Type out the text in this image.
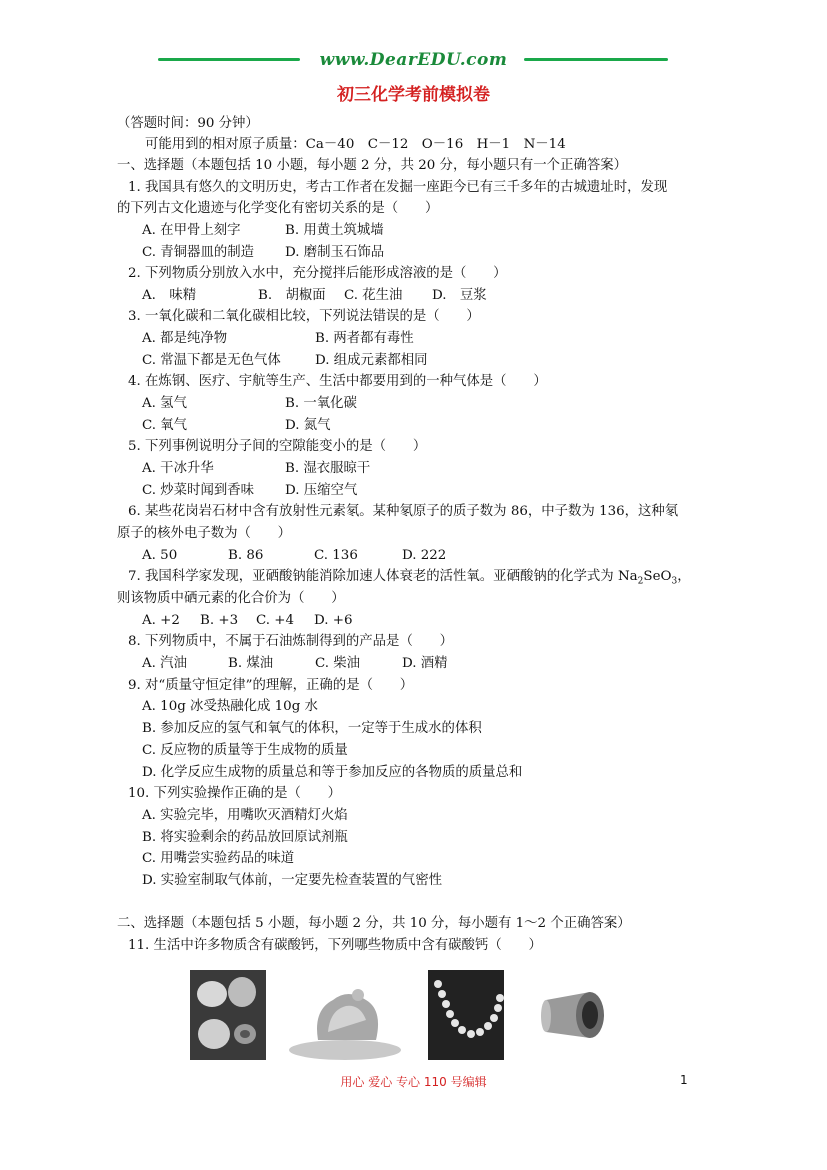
www.DearEDU.com
初三化学考前模拟卷
（答题时间：90 分钟）
可能用到的相对原子质量：Ca－40　C－12　O－16　H－1　N－14
一、选择题（本题包括 10 小题，每小题 2 分，共 20 分，每小题只有一个正确答案）
1. 我国具有悠久的文明历史，考古工作者在发掘一座距今已有三千多年的古城遗址时，发现
的下列古文化遗迹与化学变化有密切关系的是（　　）
A. 在甲骨上刻字	B. 用黄土筑城墙
C. 青铜器皿的制造 D. 磨制玉石饰品
2. 下列物质分别放入水中，充分搅拌后能形成溶液的是（　　）
A.　味精	B.　胡椒面 C. 花生油 D.　豆浆
3. 一氧化碳和二氧化碳相比较，下列说法错误的是（　　）
A. 都是纯净物	B. 两者都有毒性
C. 常温下都是无色气体	D. 组成元素都相同
4. 在炼钢、医疗、宇航等生产、生活中都要用到的一种气体是（　　）
A. 氢气	B. 一氧化碳
C. 氧气	D. 氮气
5. 下列事例说明分子间的空隙能变小的是（　　）
A. 干冰升华	B. 湿衣服晾干
C. 炒菜时闻到香味 D. 压缩空气
6. 某些花岗岩石材中含有放射性元素氡。某种氡原子的质子数为 86，中子数为 136，这种氡
原子的核外电子数为（　　）
A. 50	B. 86	C. 136	D. 222
7. 我国科学家发现，亚硒酸钠能消除加速人体衰老的活性氧。亚硒酸钠的化学式为 $Na_2SeO_3$，
则该物质中硒元素的化合价为（　　）
A. +2 B. +3 C. +4 D. +6
8. 下列物质中，不属于石油炼制得到的产品是（　　）
A. 汽油	B. 煤油	C. 柴油	D. 酒精
9. 对“质量守恒定律”的理解，正确的是（　　）
A. 10g 冰受热融化成 10g 水
B. 参加反应的氢气和氧气的体积，一定等于生成水的体积
C. 反应物的质量等于生成物的质量
D. 化学反应生成物的质量总和等于参加反应的各物质的质量总和
10. 下列实验操作正确的是（　　）
A. 实验完毕，用嘴吹灭酒精灯火焰
B. 将实验剩余的药品放回原试剂瓶
C. 用嘴尝实验药品的味道
D. 实验室制取气体前，一定要先检查装置的气密性
二、选择题（本题包括 5 小题，每小题 2 分，共 10 分，每小题有 1～2 个正确答案）
11. 生活中许多物质含有碳酸钙，下列哪些物质中含有碳酸钙（　　）
用心 爱心 专心 110 号编辑	1
